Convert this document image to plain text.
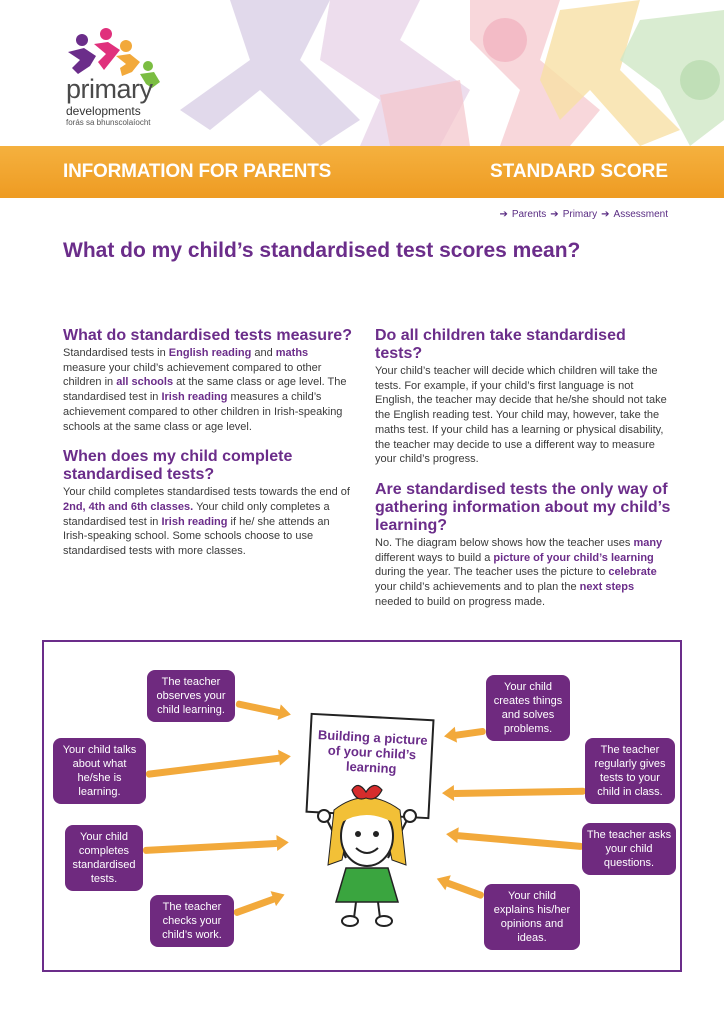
primary
developments
forás sa bhunscolaíocht
INFORMATION FOR PARENTS	STANDARD SCORE
➔ Parents ➔ Primary ➔ Assessment
What do my child’s standardised test scores mean?
What do standardised tests measure?

Standardised tests in English reading and maths measure your child’s achievement compared to other children in all schools at the same class or age level. The standardised test in Irish reading measures a child’s achievement compared to other children in Irish-speaking schools at the same class or age level.

When does my child complete standardised tests?

Your child completes standardised tests towards the end of 2nd, 4th and 6th classes. Your child only completes a standardised test in Irish reading if he/ she attends an Irish-speaking school. Some schools choose to use standardised tests with more classes.

Do all children take standardised tests?

Your child’s teacher will decide which children will take the tests. For example, if your child’s first language is not English, the teacher may decide that he/she should not take the English reading test. Your child may, however, take the maths test. If your child has a learning or physical disability, the teacher may decide to use a different way to measure your child’s progress.

Are standardised tests the only way of gathering information about my child’s learning?

No. The diagram below shows how the teacher uses many different ways to build a picture of your child’s learning during the year. The teacher uses the picture to celebrate your child’s achievements and to plan the next steps needed to build on progress made.

The teacher observes your child learning.
Your child talks about what he/she is learning.
Your child completes standardised tests.
The teacher checks your child’s work.
Your child creates things and solves problems.
The teacher regularly gives tests to your child in class.
The teacher asks your child questions.
Your child explains his/her opinions and ideas.
Building a picture of your child’s learning
